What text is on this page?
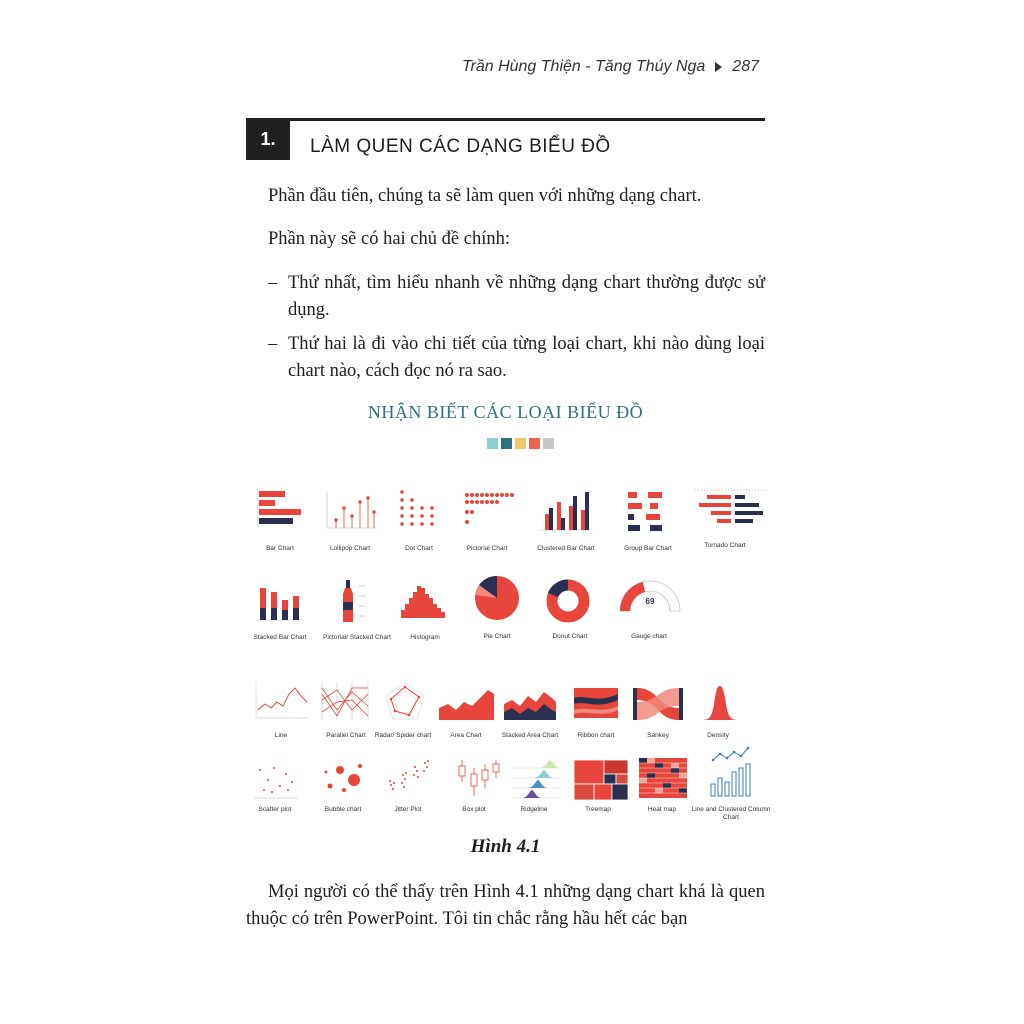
Trần Hùng Thiện - Tăng Thúy Nga 287
1.	LÀM QUEN CÁC DẠNG BIỂU ĐỒ
Phần đầu tiên, chúng ta sẽ làm quen với những dạng chart.
Phần này sẽ có hai chủ đề chính:
– Thứ nhất, tìm hiểu nhanh về những dạng chart thường được sử dụng.
– Thứ hai là đi vào chi tiết của từng loại chart, khi nào dùng loại chart nào, cách đọc nó ra sao.
NHẬN BIẾT CÁC LOẠI BIỂU ĐỒ
Bar Chart	Lollipop Chart	Dot Chart	Pictorial Chart	Clustered Bar Chart	Group Bar Chart	Tornado Chart
Stacked Bar Chart	Pictorial/ Stacked Chart	Histogram	Pie Chart	Donut Chart
69
Gauge chart
Line	Parallel Chart	Radar/ Spider chart	Area Chart	Stacked Area Chart	Ribbon chart	Sankey	Density
Scatter plot	Bubble chart	Jitter Plot	Box plot	Ridgeline	Treemap	Heat map	Line and Clustered Column Chart
Hình 4.1
Mọi người có thể thấy trên Hình 4.1 những dạng chart khá là quen thuộc có trên PowerPoint. Tôi tin chắc rằng hầu hết các bạn
